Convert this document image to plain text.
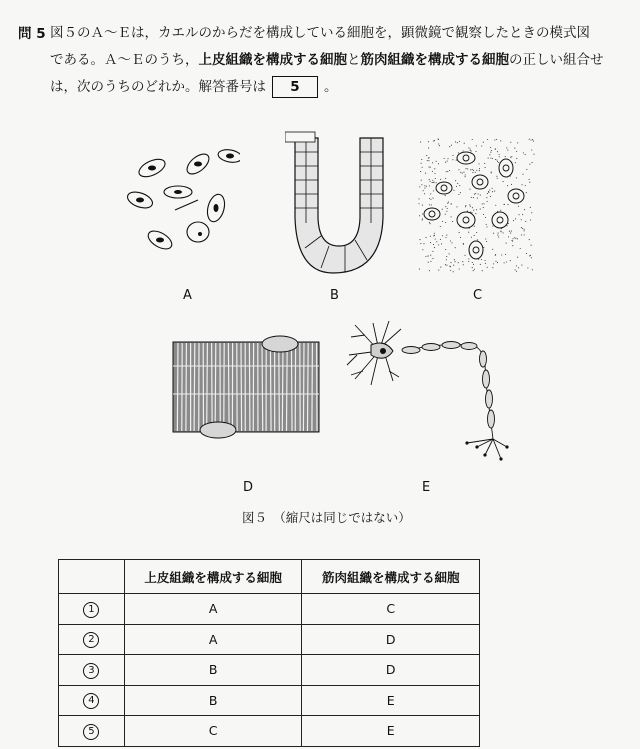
問 5 図５のＡ～Ｅは，カエルのからだを構成している細胞を，顕微鏡で観察したときの模式図
である。Ａ～Ｅのうち，上皮組織を構成する細胞と筋肉組織を構成する細胞の正しい組合せ
は，次のうちのどれか。解答番号は 5 。
A	B	C
D	E
図５　 （縮尺は同じではない）
	上皮組織を構成する細胞	筋肉組織を構成する細胞
1	A	C
2	A	D
3	B	D
4	B	E
5	C	E
